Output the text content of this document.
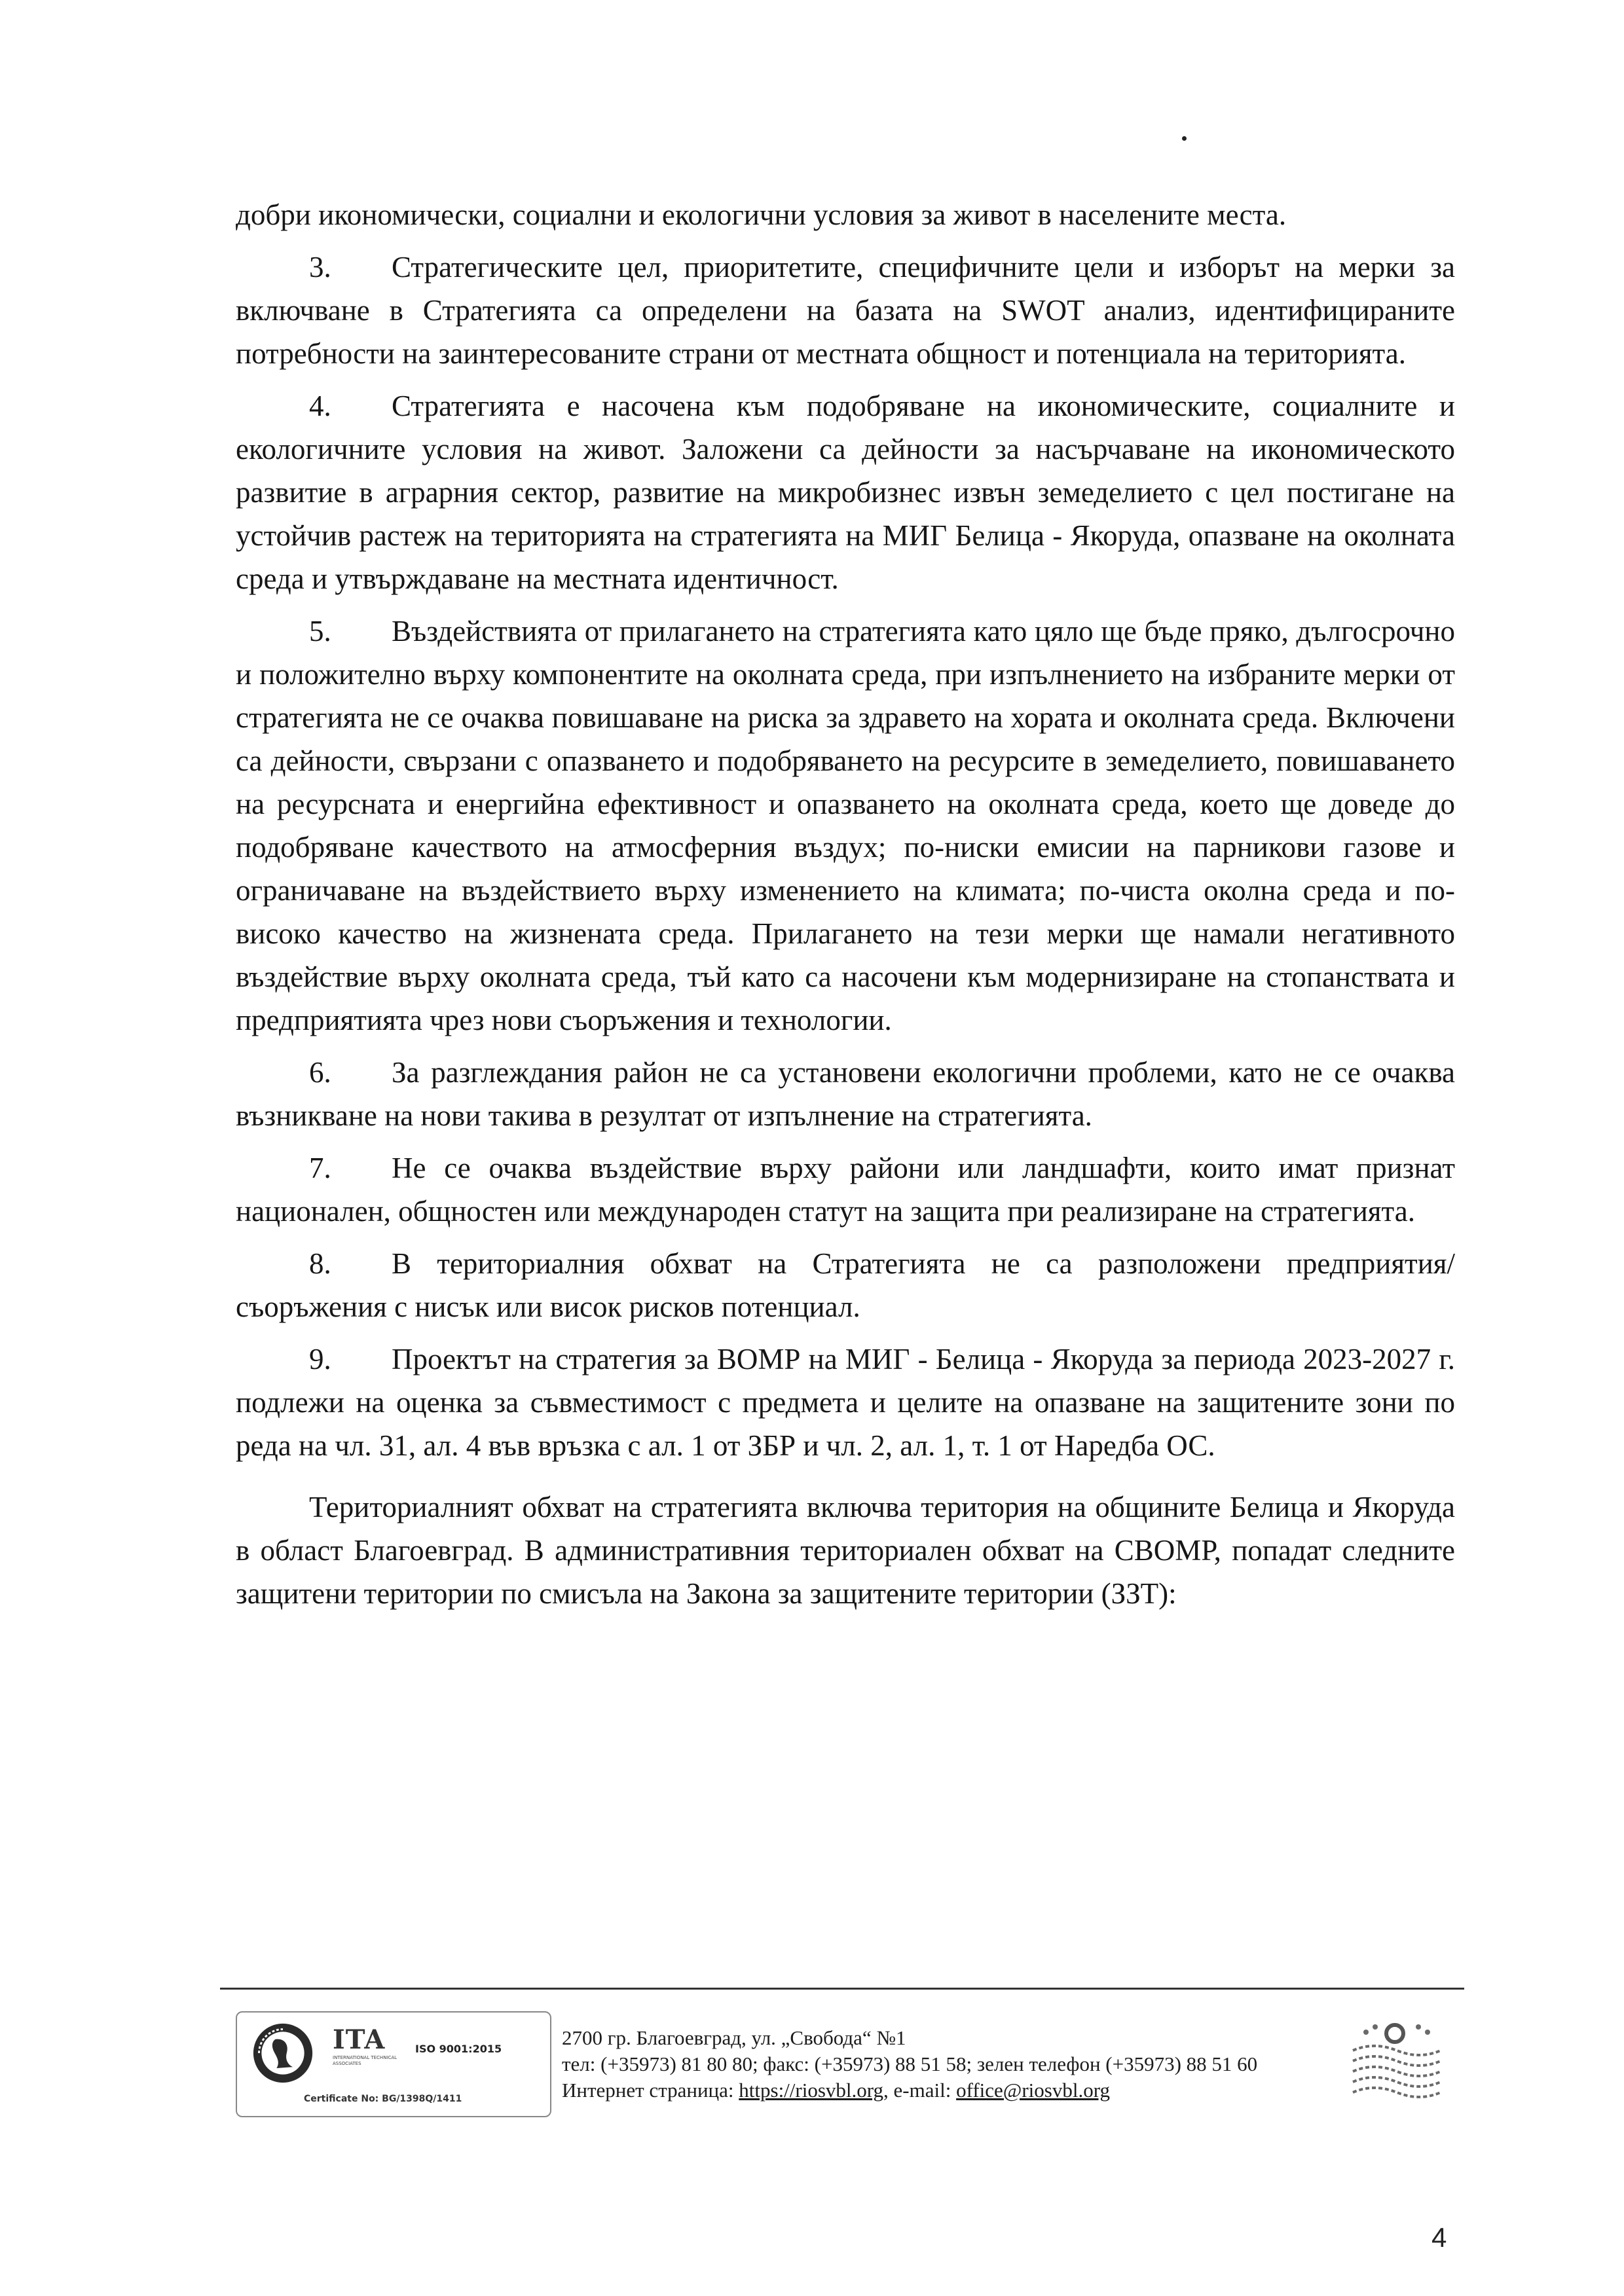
добри икономически, социални и екологични условия за живот в населените места.

3. Стратегическите цел, приоритетите, специфичните цели и изборът на мерки за включване в Стратегията са определени на базата на SWOT анализ, идентифицираните потребности на заинтересованите страни от местната общност и потенциала на територията.

4. Стратегията е насочена към подобряване на икономическите, социалните и екологичните условия на живот. Заложени са дейности за насърчаване на икономическото развитие в аграрния сектор, развитие на микробизнес извън земеделието с цел постигане на устойчив растеж на територията на стратегията на МИГ Белица - Якоруда, опазване на околната среда и утвърждаване на местната идентичност.

5. Въздействията от прилагането на стратегията като цяло ще бъде пряко, дългосрочно и положително върху компонентите на околната среда, при изпълнението на избраните мерки от стратегията не се очаква повишаване на риска за здравето на хората и околната среда. Включени са дейности, свързани с опазването и подобряването на ресурсите в земеделието, повишаването на ресурсната и енергийна ефективност и опазването на околната среда, което ще доведе до подобряване качеството на атмосферния въздух; по-ниски емисии на парникови газове и ограничаване на въздействието върху изменението на климата; по-чиста околна среда и по-високо качество на жизнената среда. Прилагането на тези мерки ще намали негативното въздействие върху околната среда, тъй като са насочени към модернизиране на стопанствата и предприятията чрез нови съоръжения и технологии.

6. За разглеждания район не са установени екологични проблеми, като не се очаква възникване на нови такива в резултат от изпълнение на стратегията.

7. Не се очаква въздействие върху райони или ландшафти, които имат признат национален, общностен или международен статут на защита при реализиране на стратегията.

8. В териториалния обхват на Стратегията не са разположени предприятия/съоръжения с нисък или висок рисков потенциал.

9. Проектът на стратегия за ВОМР на МИГ - Белица - Якоруда за периода 2023-2027 г. подлежи на оценка за съвместимост с предмета и целите на опазване на защитените зони по реда на чл. 31, ал. 4 във връзка с ал. 1 от ЗБР и чл. 2, ал. 1, т. 1 от Наредба ОС.

Териториалният обхват на стратегията включва територия на общините Белица и Якоруда в област Благоевград. В административния териториален обхват на СВОМР, попадат следните защитени територии по смисъла на Закона за защитените територии (ЗЗТ):

ITA
INTERNATIONAL TECHNICAL ASSOCIATES
ISO 9001:2015
Certificate No: BG/1398Q/1411
2700 гр. Благоевград, ул. „Свобода“ №1
тел: (+35973) 81 80 80; факс: (+35973) 88 51 58; зелен телефон (+35973) 88 51 60
Интернет страница: https://riosvbl.org, e-mail: office@riosvbl.org
4
